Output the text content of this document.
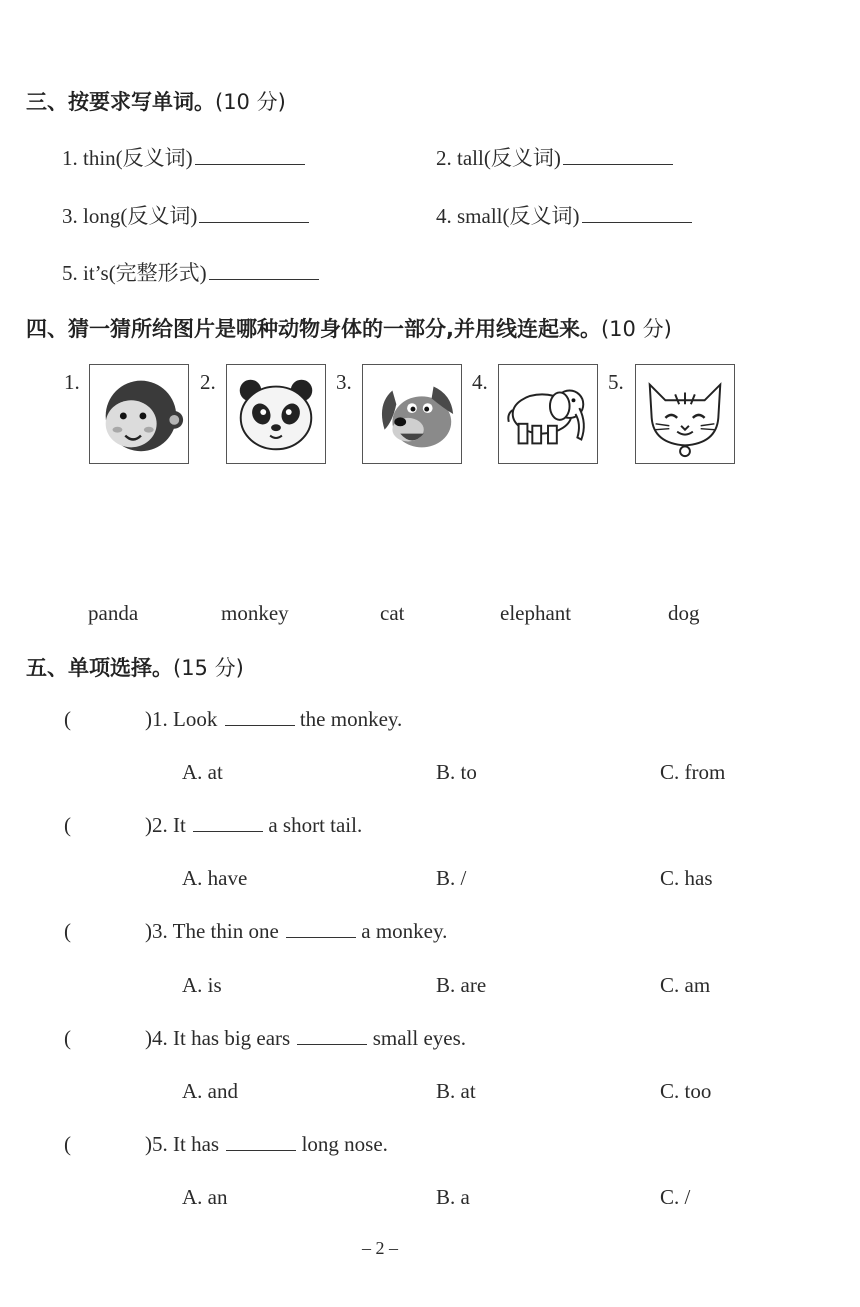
三、按要求写单词。(10 分)
1. thin(反义词)	2. tall(反义词)
3. long(反义词)	4. small(反义词)
5. it’s(完整形式)
四、猜一猜所给图片是哪种动物身体的一部分,并用线连起来。(10 分)
1.	2.	3.	4.	5.
panda	monkey	cat	elephant	dog
五、单项选择。(15 分)
(	)1. Look	the monkey.
A. at	B. to	C. from
(	)2. It	a short tail.
A. have	B. /	C. has
(	)3. The thin one	a monkey.
A. is	B. are	C. am
(	)4. It has big ears	small eyes.
A. and	B. at	C. too
(	)5. It has	long nose.
A. an	B. a	C. /
– 2 –
